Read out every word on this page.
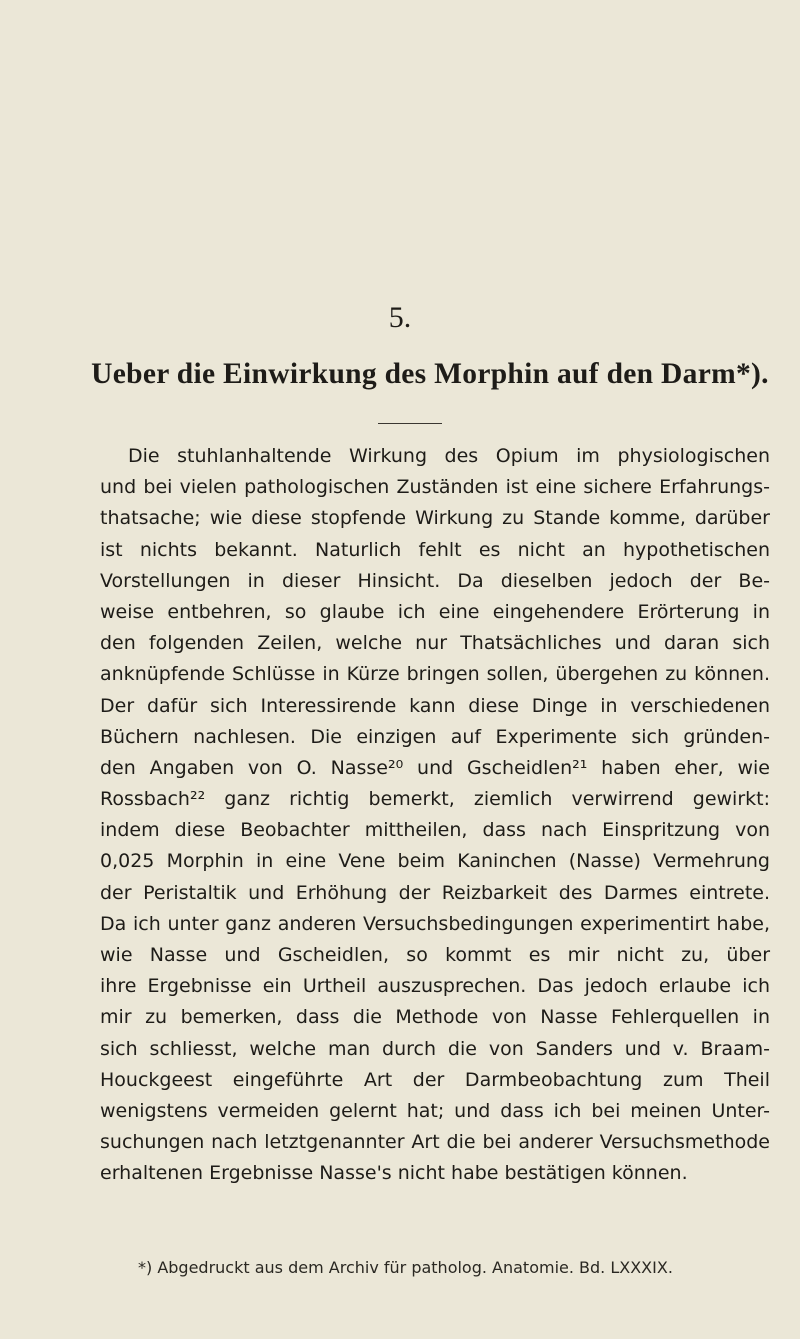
5.
Ueber die Einwirkung des Morphin auf den Darm*).
Die stuhlanhaltende Wirkung des Opium im physiologischen
und bei vielen pathologischen Zuständen ist eine sichere Erfahrungs-
thatsache; wie diese stopfende Wirkung zu Stande komme, darüber
ist nichts bekannt. Naturlich fehlt es nicht an hypothetischen
Vorstellungen in dieser Hinsicht. Da dieselben jedoch der Be-
weise entbehren, so glaube ich eine eingehendere Erörterung in
den folgenden Zeilen, welche nur Thatsächliches und daran sich
anknüpfende Schlüsse in Kürze bringen sollen, übergehen zu können.
Der dafür sich Interessirende kann diese Dinge in verschiedenen
Büchern nachlesen. Die einzigen auf Experimente sich gründen-
den Angaben von O. Nasse²⁰ und Gscheidlen²¹ haben eher, wie
Rossbach²² ganz richtig bemerkt, ziemlich verwirrend gewirkt:
indem diese Beobachter mittheilen, dass nach Einspritzung von
0,025 Morphin in eine Vene beim Kaninchen (Nasse) Vermehrung
der Peristaltik und Erhöhung der Reizbarkeit des Darmes eintrete.
Da ich unter ganz anderen Versuchsbedingungen experimentirt habe,
wie Nasse und Gscheidlen, so kommt es mir nicht zu, über
ihre Ergebnisse ein Urtheil auszusprechen. Das jedoch erlaube ich
mir zu bemerken, dass die Methode von Nasse Fehlerquellen in
sich schliesst, welche man durch die von Sanders und v. Braam-
Houckgeest eingeführte Art der Darmbeobachtung zum Theil
wenigstens vermeiden gelernt hat; und dass ich bei meinen Unter-
suchungen nach letztgenannter Art die bei anderer Versuchsmethode
erhaltenen Ergebnisse Nasse's nicht habe bestätigen können.
*) Abgedruckt aus dem Archiv für patholog. Anatomie. Bd. LXXXIX.
